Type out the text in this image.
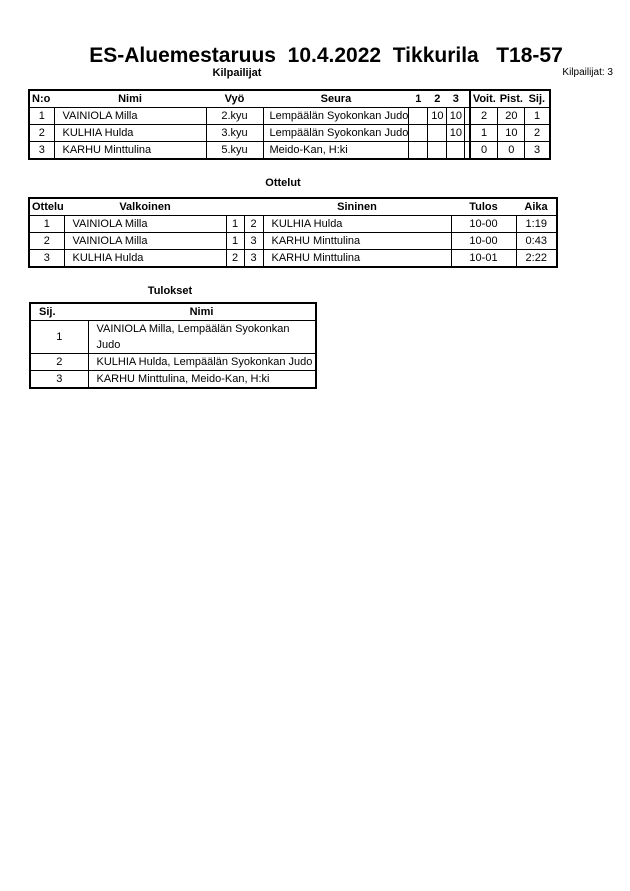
ES-Aluemestaruus  10.4.2022  Tikkurila   T18-57
Kilpailijat	Kilpailijat: 3
N:o	Nimi	Vyö	Seura	1	2	3		Voit.	Pist.	Sij.
1	VAINIOLA Milla	2.kyu	Lempäälän Syokonkan Judo		10	10		2	20	1
2	KULHIA Hulda	3.kyu	Lempäälän Syokonkan Judo			10		1	10	2
3	KARHU Minttulina	5.kyu	Meido-Kan, H:ki					0	0	3
Ottelut
Ottelu	Valkoinen			Sininen	Tulos	Aika
1	VAINIOLA Milla	1	2	KULHIA Hulda	10-00	1:19
2	VAINIOLA Milla	1	3	KARHU Minttulina	10-00	0:43
3	KULHIA Hulda	2	3	KARHU Minttulina	10-01	2:22
Tulokset
Sij.	Nimi
1	VAINIOLA Milla, Lempäälän Syokonkan Judo
2	KULHIA Hulda, Lempäälän Syokonkan Judo
3	KARHU Minttulina, Meido-Kan, H:ki
